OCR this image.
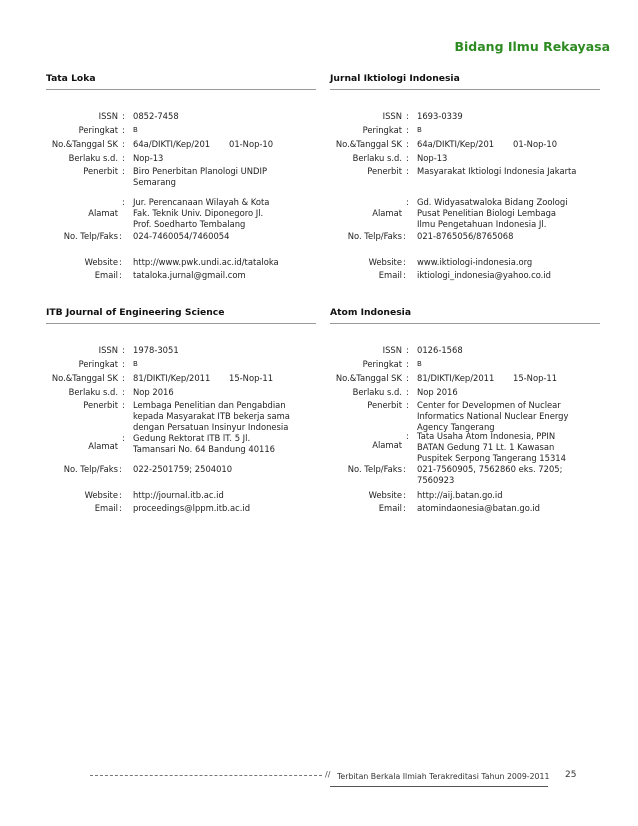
Bidang Ilmu Rekayasa
Tata Loka
ISSN : 0852-7458
Peringkat : B
No.&Tanggal SK : 64a/DIKTI/Kep/201 01-Nop-10
Berlaku s.d. : Nop-13
Penerbit : Biro Penerbitan Planologi UNDIP
Semarang
: Jur. Perencanaan Wilayah & Kota
Fak. Teknik Univ. Diponegoro Jl.
Alamat
Prof. Soedharto Tembalang
No. Telp/Faks : 024-7460054/7460054
Website : http://www.pwk.undi.ac.id/tataloka
Email : tataloka.jurnal@gmail.com
Jurnal Iktiologi Indonesia
ISSN : 1693-0339
Peringkat : B
No.&Tanggal SK : 64a/DIKTI/Kep/201 01-Nop-10
Berlaku s.d. : Nop-13
Penerbit : Masyarakat Iktiologi Indonesia Jakarta
: Gd. Widyasatwaloka Bidang Zoologi
Pusat Penelitian Biologi Lembaga
Alamat
Ilmu Pengetahuan Indonesia Jl.
No. Telp/Faks : 021-8765056/8765068
Website : www.iktiologi-indonesia.org
Email : iktiologi_indonesia@yahoo.co.id
ITB Journal of Engineering Science
ISSN : 1978-3051
Peringkat : B
No.&Tanggal SK : 81/DIKTI/Kep/2011 15-Nop-11
Berlaku s.d. : Nop 2016
Penerbit : Lembaga Penelitian dan Pengabdian
kepada Masyarakat ITB bekerja sama
dengan Persatuan Insinyur Indonesia
: Gedung Rektorat ITB lT. 5 Jl.
Alamat Tamansari No. 64 Bandung 40116
No. Telp/Faks : 022-2501759; 2504010
Website : http://journal.itb.ac.id
Email : proceedings@lppm.itb.ac.id
Atom Indonesia
ISSN : 0126-1568
Peringkat : B
No.&Tanggal SK : 81/DIKTI/Kep/2011 15-Nop-11
Berlaku s.d. : Nop 2016
Penerbit : Center for Developmen of Nuclear
Informatics National Nuclear Energy
Agency Tangerang
: Tata Usaha Atom Indonesia, PPIN
Alamat BATAN Gedung 71 Lt. 1 Kawasan
Puspitek Serpong Tangerang 15314
No. Telp/Faks : 021-7560905, 7562860 eks. 7205;
7560923
Website : http://aij.batan.go.id
Email : atomindaonesia@batan.go.id
// Terbitan Berkala Ilmiah Terakreditasi Tahun 2009-2011 25
